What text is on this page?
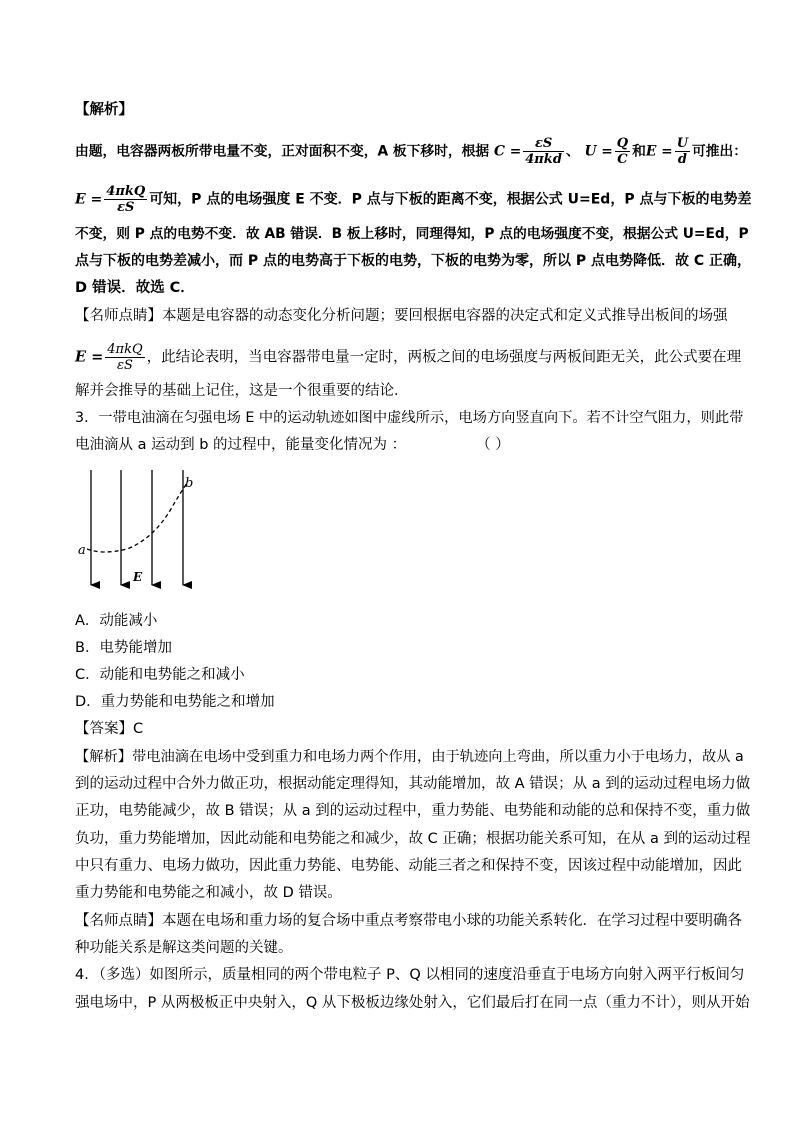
【解析】
由题，电容器两板所带电量不变，正对面积不变，A 板下移时，根据 $C = \frac{\varepsilon S}{\text{4πkd}}$ 、 $U = \frac{Q}{C}$ 和$E = \frac{U}{d}$ 可推出：
$E = \frac{\text{4πkQ}}{\varepsilon S}$ 可知，P 点的电场强度 E 不变．P 点与下板的距离不变，根据公式 U=Ed，P 点与下板的电势差
不变，则 P 点的电势不变．故 AB 错误．B 板上移时，同理得知，P 点的电场强度不变，根据公式 U=Ed，P
点与下板的电势差减小，而 P 点的电势高于下板的电势，下板的电势为零，所以 P 点电势降低．故 C 正确，
D 错误．故选 C．
【名师点睛】本题是电容器的动态变化分析问题；要回根据电容器的决定式和定义式推导出板间的场强
$E = \frac{\text{4πkQ}}{\varepsilon S}$ ，此结论表明，当电容器带电量一定时，两板之间的电场强度与两板间距无关，此公式要在理
解并会推导的基础上记住，这是一个很重要的结论．
3．一带电油滴在匀强电场 E 中的运动轨迹如图中虚线所示，电场方向竖直向下。若不计空气阻力，则此带
电油滴从 a 运动到 b 的过程中，能量变化情况为 ：	（ ）
a
b
E
A．动能减小
B．电势能增加
C．动能和电势能之和减小
D．重力势能和电势能之和增加
【答案】C
【解析】带电油滴在电场中受到重力和电场力两个作用，由于轨迹向上弯曲，所以重力小于电场力，故从 a
到的运动过程中合外力做正功，根据动能定理得知，其动能增加，故 A 错误；从 a 到的运动过程电场力做
正功，电势能减少，故 B 错误；从 a 到的运动过程中，重力势能、电势能和动能的总和保持不变，重力做
负功，重力势能增加，因此动能和电势能之和减少，故 C 正确；根据功能关系可知，在从 a 到的运动过程
中只有重力、电场力做功，因此重力势能、电势能、动能三者之和保持不变，因该过程中动能增加，因此
重力势能和电势能之和减小，故 D 错误。
【名师点睛】本题在电场和重力场的复合场中重点考察带电小球的功能关系转化．在学习过程中要明确各
种功能关系是解这类问题的关键。
4．（多选）如图所示，质量相同的两个带电粒子 P、Q 以相同的速度沿垂直于电场方向射入两平行板间匀
强电场中，P 从两极板正中央射入，Q 从下极板边缘处射入，它们最后打在同一点（重力不计），则从开始
